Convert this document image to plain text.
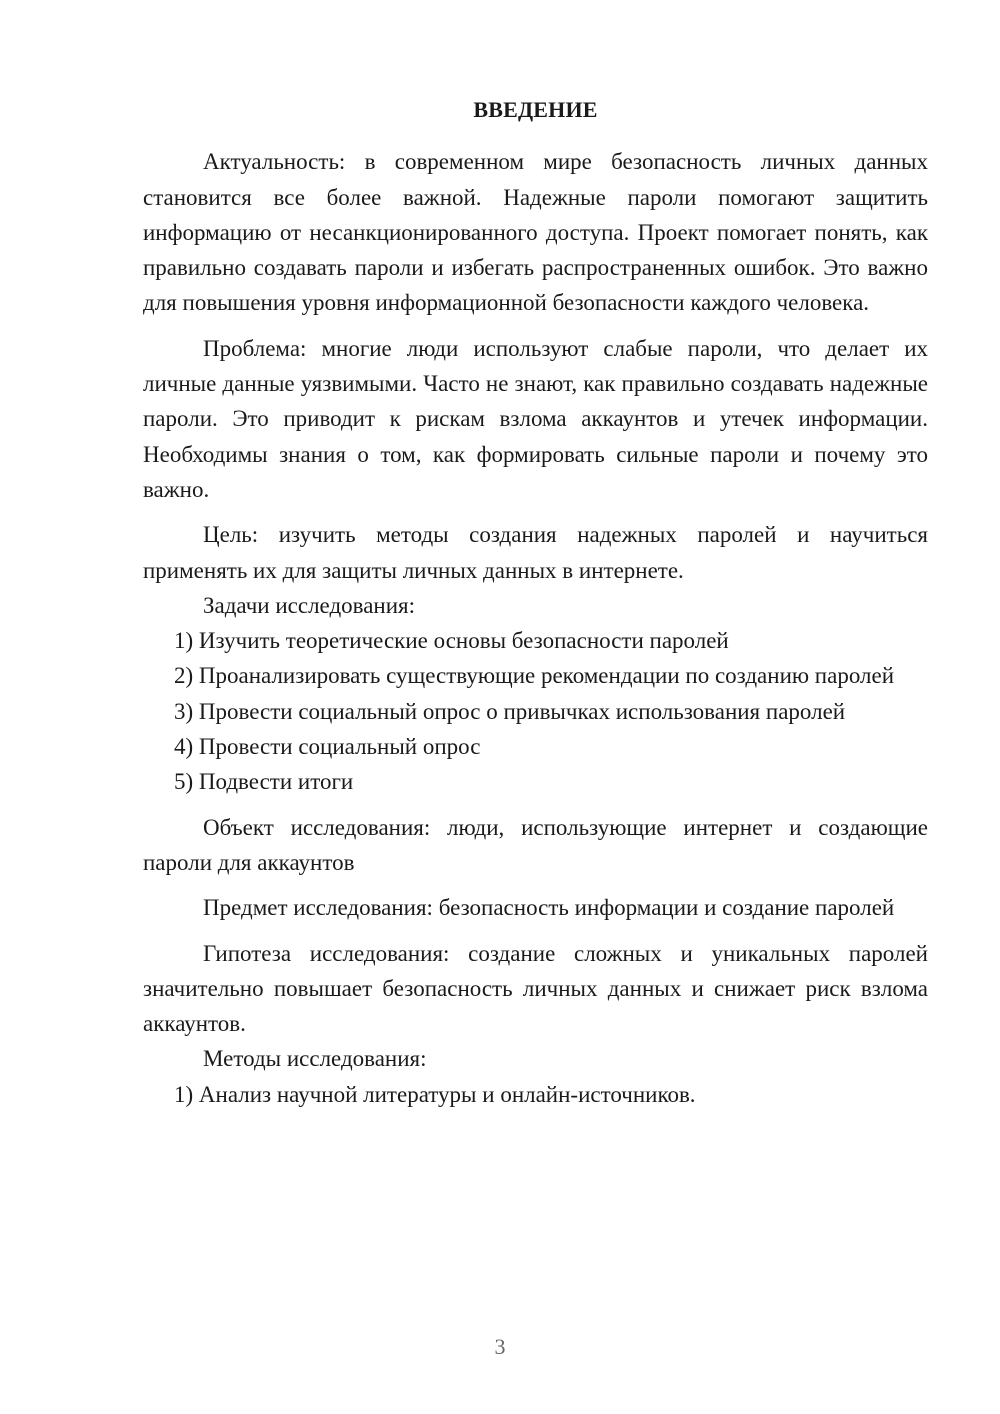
ВВЕДЕНИЕ

Актуальность: в современном мире безопасность личных данных становится все более важной. Надежные пароли помогают защитить информацию от несанкционированного доступа. Проект помогает понять, как правильно создавать пароли и избегать распространенных ошибок. Это важно для повышения уровня информационной безопасности каждого человека.

Проблема: многие люди используют слабые пароли, что делает их личные данные уязвимыми. Часто не знают, как правильно создавать надежные пароли. Это приводит к рискам взлома аккаунтов и утечек информации. Необходимы знания о том, как формировать сильные пароли и почему это важно.

Цель: изучить методы создания надежных паролей и научиться применять их для защиты личных данных в интернете.

Задачи исследования:

1) Изучить теоретические основы безопасности паролей

2) Проанализировать существующие рекомендации по созданию паролей

3) Провести социальный опрос о привычках использования паролей

4) Провести социальный опрос

5) Подвести итоги

Объект исследования: люди, использующие интернет и создающие пароли для аккаунтов

Предмет исследования: безопасность информации и создание паролей

Гипотеза исследования: создание сложных и уникальных паролей значительно повышает безопасность личных данных и снижает риск взлома аккаунтов.

Методы исследования:

1) Анализ научной литературы и онлайн-источников.

3
